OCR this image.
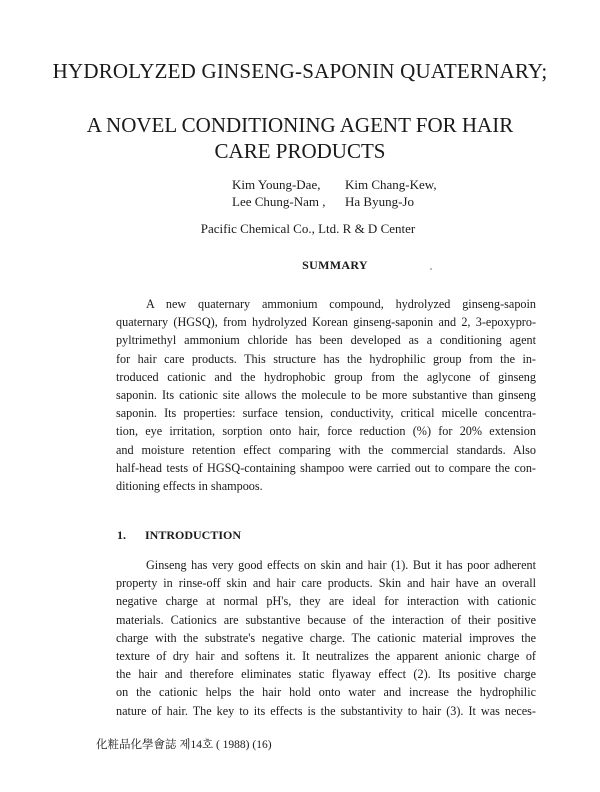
HYDROLYZED GINSENG-SAPONIN QUATERNARY;
A NOVEL CONDITIONING AGENT FOR HAIR
CARE PRODUCTS
Kim Young-Dae, Kim Chang-Kew,
Lee Chung-Nam , Ha Byung-Jo
Pacific Chemical Co., Ltd. R & D Center
SUMMARY
A new quaternary ammonium compound, hydrolyzed ginseng-sapoin
quaternary (HGSQ), from hydrolyzed Korean ginseng-saponin and 2, 3-epoxypro-
pyltrimethyl ammonium chloride has been developed as a conditioning agent
for hair care products. This structure has the hydrophilic group from the in-
troduced cationic and the hydrophobic group from the aglycone of ginseng
saponin. Its cationic site allows the molecule to be more substantive than ginseng
saponin. Its properties: surface tension, conductivity, critical micelle concentra-
tion, eye irritation, sorption onto hair, force reduction (%) for 20% extension
and moisture retention effect comparing with the commercial standards. Also
half-head tests of HGSQ-containing shampoo were carried out to compare the con-
ditioning effects in shampoos.
1. INTRODUCTION
Ginseng has very good effects on skin and hair (1). But it has poor adherent
property in rinse-off skin and hair care products. Skin and hair have an overall
negative charge at normal pH's, they are ideal for interaction with cationic
materials. Cationics are substantive because of the interaction of their positive
charge with the substrate's negative charge. The cationic material improves the
texture of dry hair and softens it. It neutralizes the apparent anionic charge of
the hair and therefore eliminates static flyaway effect (2). Its positive charge
on the cationic helps the hair hold onto water and increase the hydrophilic
nature of hair. The key to its effects is the substantivity to hair (3). It was neces-
化粧品化學會誌 제14호 ( 1988) (16)
